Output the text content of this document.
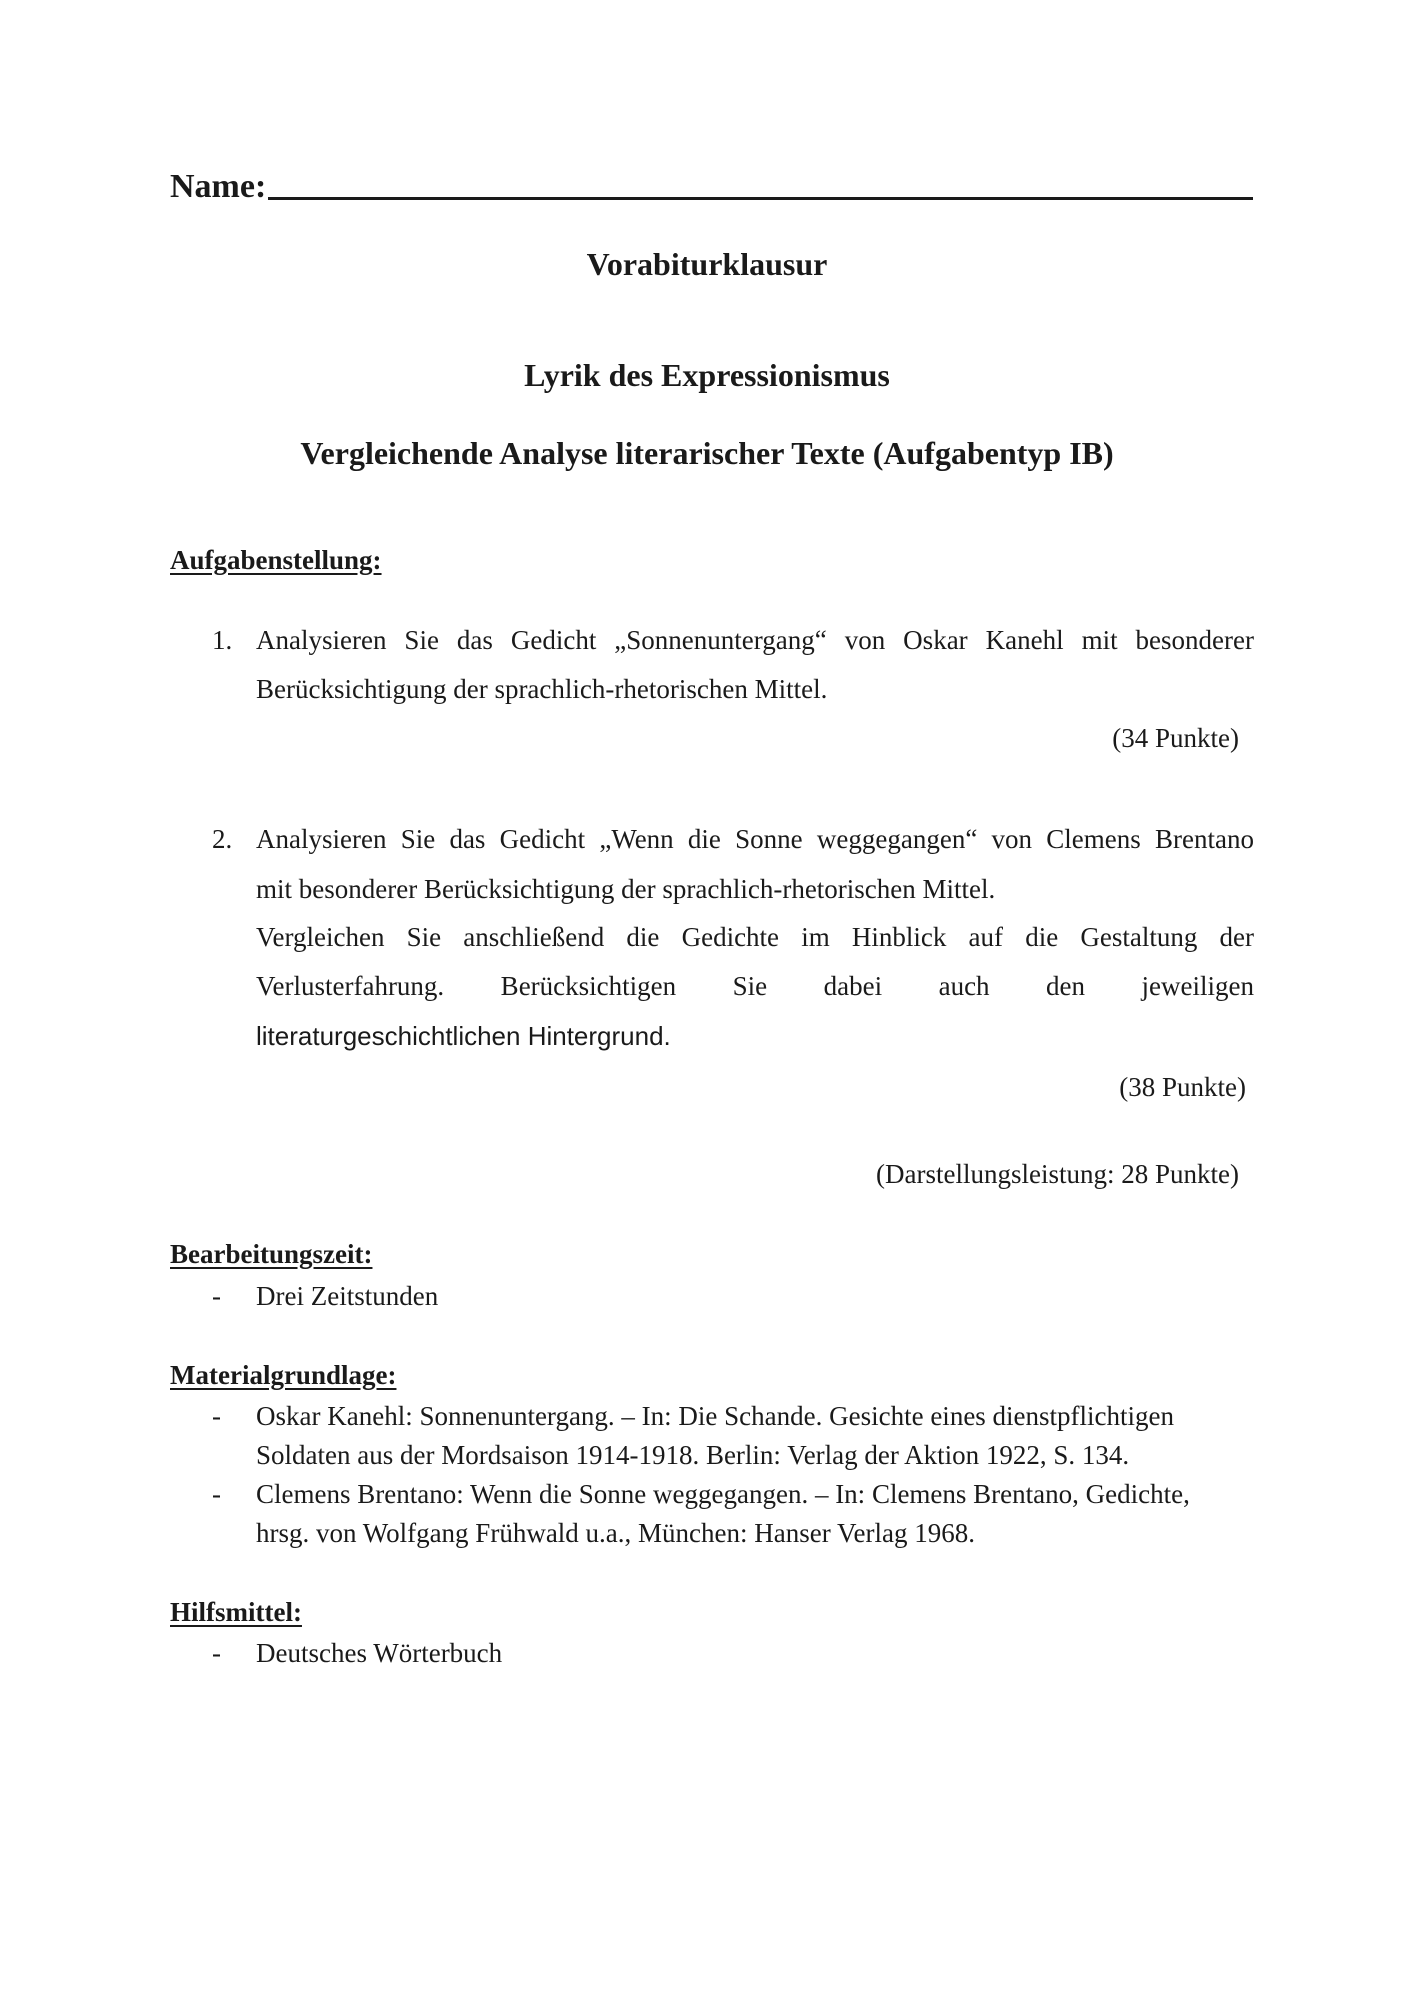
Name:
Vorabiturklausur
Lyrik des Expressionismus
Vergleichende Analyse literarischer Texte (Aufgabentyp IB)
Aufgabenstellung:
1. Analysieren Sie das Gedicht „Sonnenuntergang“ von Oskar Kanehl mit besonderer
Berücksichtigung der sprachlich-rhetorischen Mittel.
(34 Punkte)
2. Analysieren Sie das Gedicht „Wenn die Sonne weggegangen“ von Clemens Brentano
mit besonderer Berücksichtigung der sprachlich-rhetorischen Mittel.
Vergleichen Sie anschließend die Gedichte im Hinblick auf die Gestaltung der
Verlusterfahrung. Berücksichtigen Sie dabei auch den jeweiligen
literaturgeschichtlichen Hintergrund.
(38 Punkte)
(Darstellungsleistung: 28 Punkte)
Bearbeitungszeit:
- Drei Zeitstunden
Materialgrundlage:
- Oskar Kanehl: Sonnenuntergang. – In: Die Schande. Gesichte eines dienstpflichtigen
Soldaten aus der Mordsaison 1914-1918. Berlin: Verlag der Aktion 1922, S. 134.
- Clemens Brentano: Wenn die Sonne weggegangen. – In: Clemens Brentano, Gedichte,
hrsg. von Wolfgang Frühwald u.a., München: Hanser Verlag 1968.
Hilfsmittel:
- Deutsches Wörterbuch
